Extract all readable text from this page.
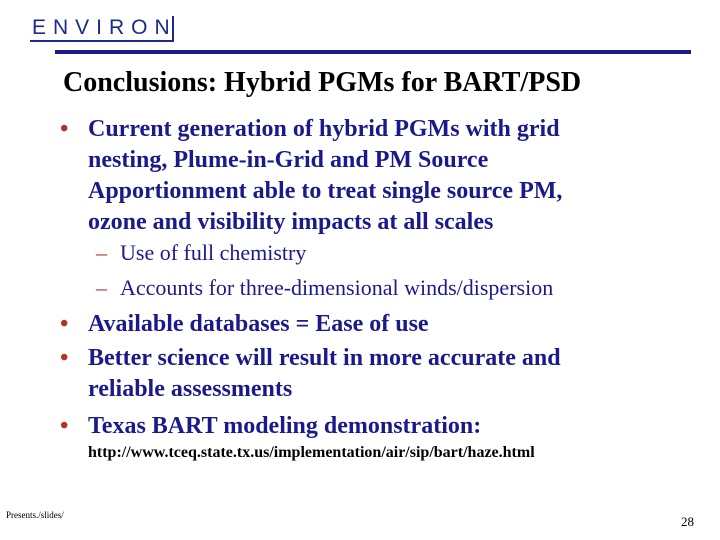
ENVIRON
Conclusions: Hybrid PGMs for BART/PSD
• Current generation of hybrid PGMs with grid
nesting, Plume-in-Grid and PM Source
Apportionment able to treat single source PM,
ozone and visibility impacts at all scales
– Use of full chemistry
– Accounts for three-dimensional winds/dispersion
• Available databases = Ease of use
• Better science will result in more accurate and
reliable assessments
• Texas BART modeling demonstration:
http://www.tceq.state.tx.us/implementation/air/sip/bart/haze.html
Presents./slides/	28
